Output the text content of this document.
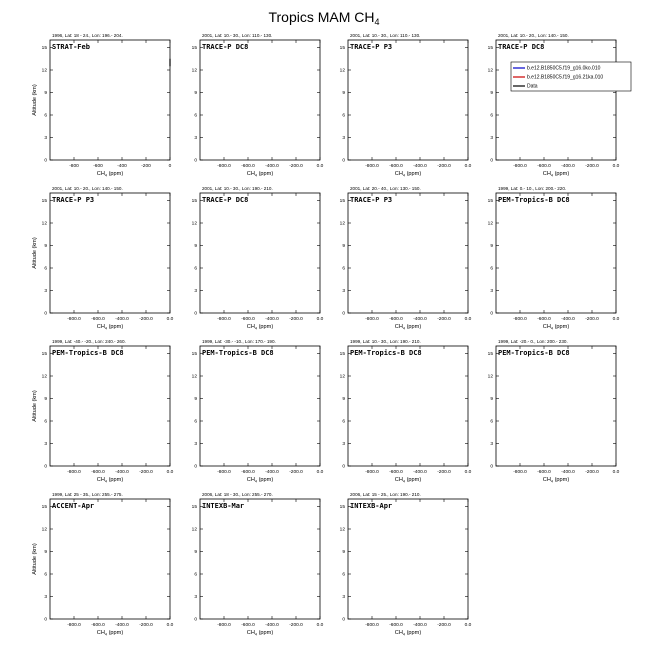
Tropics MAM $CH_4$
1996, Lat: 18 - 24., Lon: 196.- 204.
STRAT-Feb
0
3
6
9
12
15
-800	-600	-400	-200	0
$CH_4$ (ppm)
Altitude (km)
2001, Lat: 10.- 30., Lon: 110.- 130.
TRACE-P DC8
0
3
6
9
12
15
-800.0 -600.0 -400.0 -200.0	0.0
$CH_4$ (ppm)
2001, Lat: 10.- 30., Lon: 110.- 130.
TRACE-P P3
0
3
6
9
12
15
-800.0 -600.0 -400.0 -200.0	0.0
$CH_4$ (ppm)
2001, Lat: 10.- 20., Lon: 140.- 150.
TRACE-P DC8
0
3
6
9
12
15
-800.0 -600.0 -400.0 -200.0	0.0
$CH_4$ (ppm)
b.e12.B1850C5.f19_g16.0ko.010
b.e12.B1850C5.f19_g16.21ka.010
Data
2001, Lat: 10.- 20., Lon: 140.- 150.
TRACE-P P3
0
3
6
9
12
15
-800.0 -600.0 -400.0 -200.0	0.0
$CH_4$ (ppm)
Altitude (km)
2001, Lat: 10.- 30., Lon: 190.- 210.
TRACE-P DC8
0
3
6
9
12
15
-800.0 -600.0 -400.0 -200.0	0.0
$CH_4$ (ppm)
2001, Lat: 20.- 40., Lon: 130.- 150.
TRACE-P P3
0
3
6
9
12
15
-800.0 -600.0 -400.0 -200.0	0.0
$CH_4$ (ppm)
1999, Lat: 0.- 10., Lon: 200.- 220.
PEM-Tropics-B DC8
0
3
6
9
12
15
-800.0 -600.0 -400.0 -200.0	0.0
$CH_4$ (ppm)
1999, Lat: -40.- -20., Lon: 240.- 260.
PEM-Tropics-B DC8
0
3
6
9
12
15
-800.0 -600.0 -400.0 -200.0	0.0
$CH_4$ (ppm)
Altitude (km)
1999, Lat: -30.- -10., Lon: 170.- 190.
PEM-Tropics-B DC8
0
3
6
9
12
15
-800.0 -600.0 -400.0 -200.0	0.0
$CH_4$ (ppm)
1999, Lat: 10.- 30., Lon: 190.- 210.
PEM-Tropics-B DC8
0
3
6
9
12
15
-800.0 -600.0 -400.0 -200.0	0.0
$CH_4$ (ppm)
1999, Lat: -20.- 0., Lon: 200.- 230.
PEM-Tropics-B DC8
0
3
6
9
12
15
-800.0 -600.0 -400.0 -200.0	0.0
$CH_4$ (ppm)
1999, Lat: 25 - 35., Lon: 255.- 275.
ACCENT-Apr
0
3
6
9
12
15
-800.0 -600.0 -400.0 -200.0	0.0
$CH_4$ (ppm)
Altitude (km)
2006, Lat: 18 - 30., Lon: 255.- 270.
INTEXB-Mar
0
3
6
9
12
15
-800.0 -600.0 -400.0 -200.0	0.0
$CH_4$ (ppm)
2006, Lat: 15 - 25., Lon: 190.- 210.
INTEXB-Apr
0
3
6
9
12
15
-800.0 -600.0 -400.0 -200.0	0.0
$CH_4$ (ppm)
